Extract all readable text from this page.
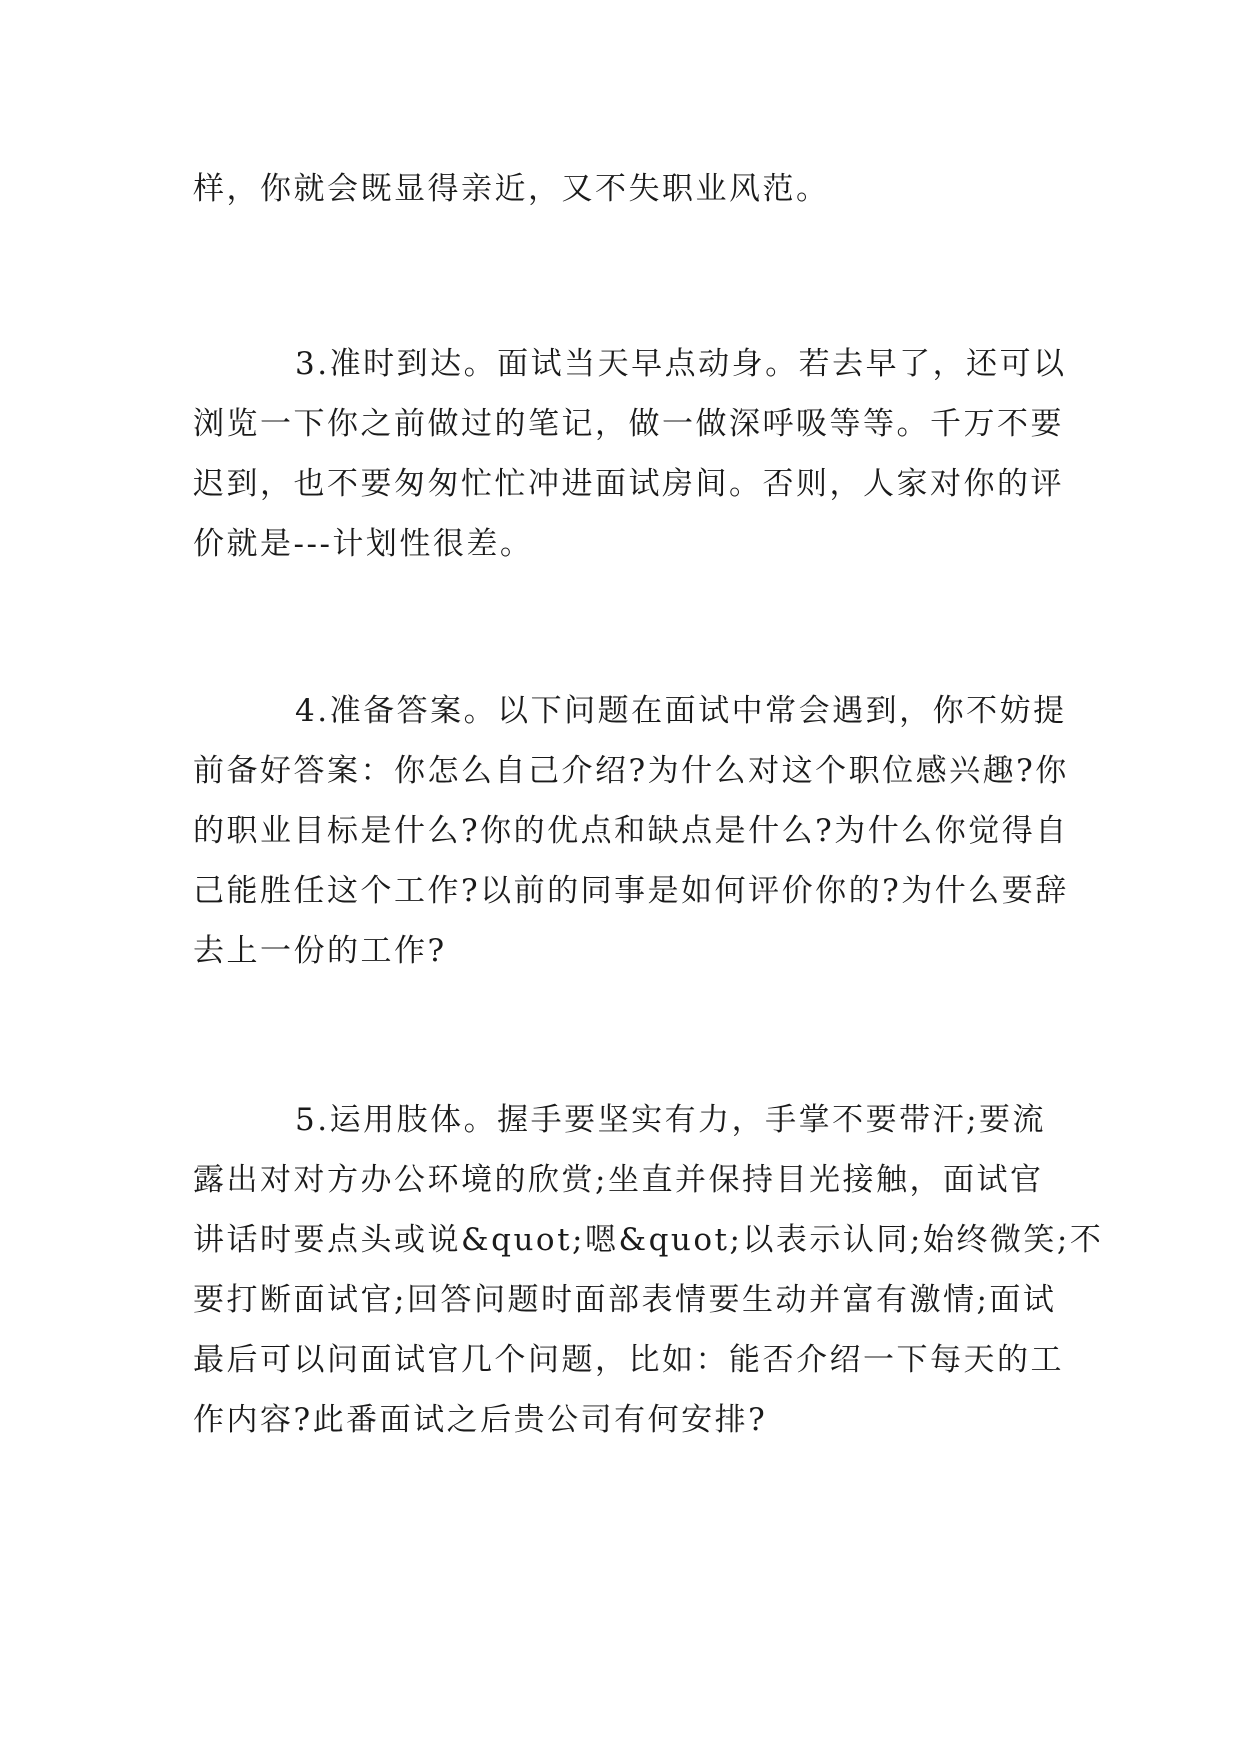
样，你就会既显得亲近，又不失职业风范。

3.准时到达。面试当天早点动身。若去早了，还可以
浏览一下你之前做过的笔记，做一做深呼吸等等。千万不要
迟到，也不要匆匆忙忙冲进面试房间。否则，人家对你的评
价就是---计划性很差。

4.准备答案。以下问题在面试中常会遇到，你不妨提
前备好答案：你怎么自己介绍?为什么对这个职位感兴趣?你
的职业目标是什么?你的优点和缺点是什么?为什么你觉得自
己能胜任这个工作?以前的同事是如何评价你的?为什么要辞
去上一份的工作?

5.运用肢体。握手要坚实有力，手掌不要带汗;要流
露出对对方办公环境的欣赏;坐直并保持目光接触，面试官
讲话时要点头或说&quot;嗯&quot;以表示认同;始终微笑;不
要打断面试官;回答问题时面部表情要生动并富有激情;面试
最后可以问面试官几个问题，比如：能否介绍一下每天的工
作内容?此番面试之后贵公司有何安排?
